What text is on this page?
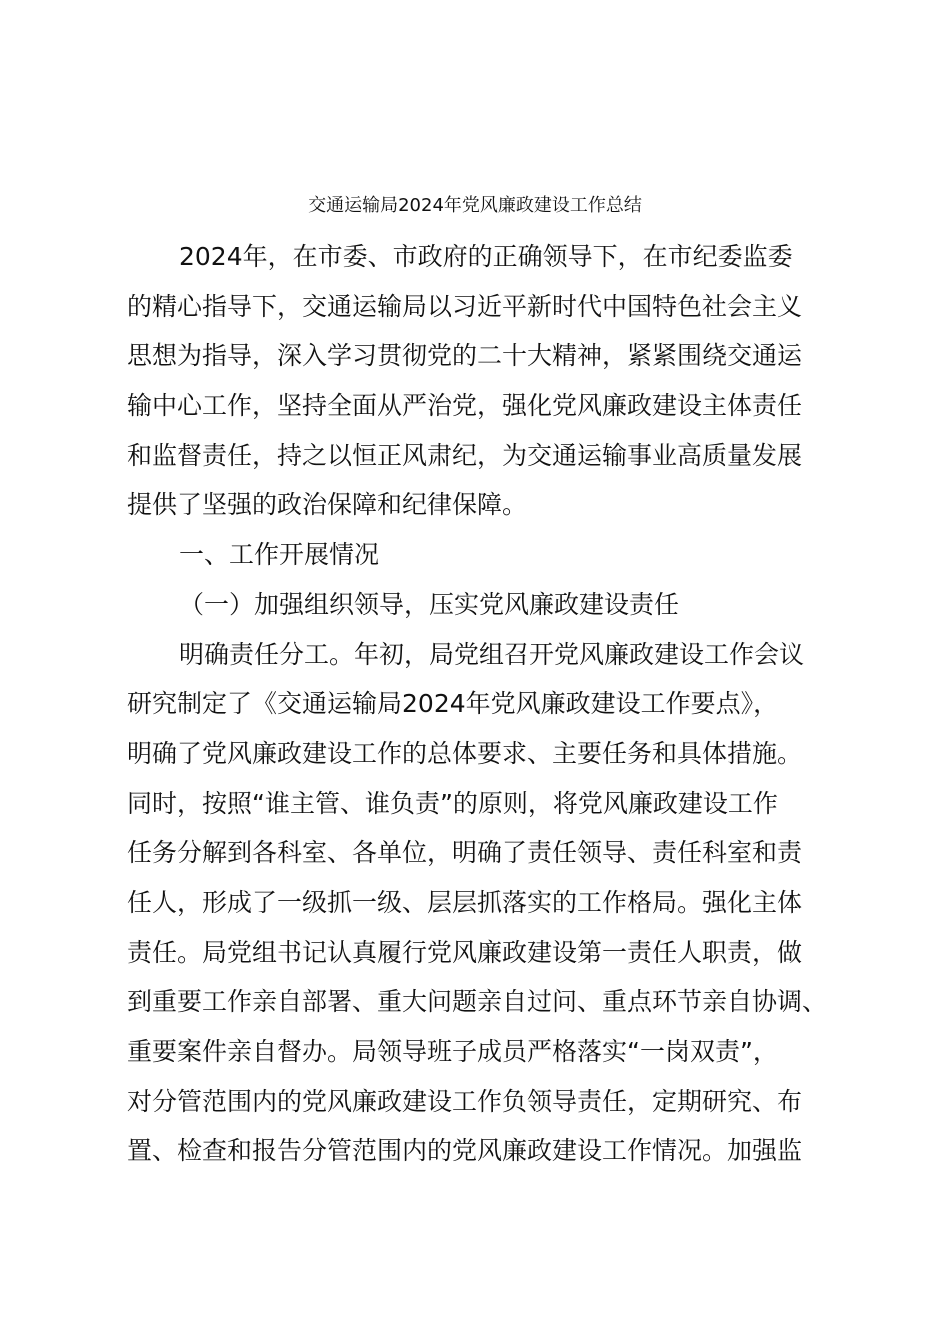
交通运输局2024年党风廉政建设工作总结
2024年，在市委、市政府的正确领导下，在市纪委监委
的精心指导下，交通运输局以习近平新时代中国特色社会主义
思想为指导，深入学习贯彻党的二十大精神，紧紧围绕交通运
输中心工作，坚持全面从严治党，强化党风廉政建设主体责任
和监督责任，持之以恒正风肃纪，为交通运输事业高质量发展
提供了坚强的政治保障和纪律保障。
一、工作开展情况
（一）加强组织领导，压实党风廉政建设责任
明确责任分工。年初，局党组召开党风廉政建设工作会议
研究制定了《交通运输局2024年党风廉政建设工作要点》，
明确了党风廉政建设工作的总体要求、主要任务和具体措施。
同时，按照“谁主管、谁负责”的原则，将党风廉政建设工作
任务分解到各科室、各单位，明确了责任领导、责任科室和责
任人，形成了一级抓一级、层层抓落实的工作格局。强化主体
责任。局党组书记认真履行党风廉政建设第一责任人职责，做
到重要工作亲自部署、重大问题亲自过问、重点环节亲自协调、
重要案件亲自督办。局领导班子成员严格落实“一岗双责”，
对分管范围内的党风廉政建设工作负领导责任，定期研究、布
置、检查和报告分管范围内的党风廉政建设工作情况。加强监
